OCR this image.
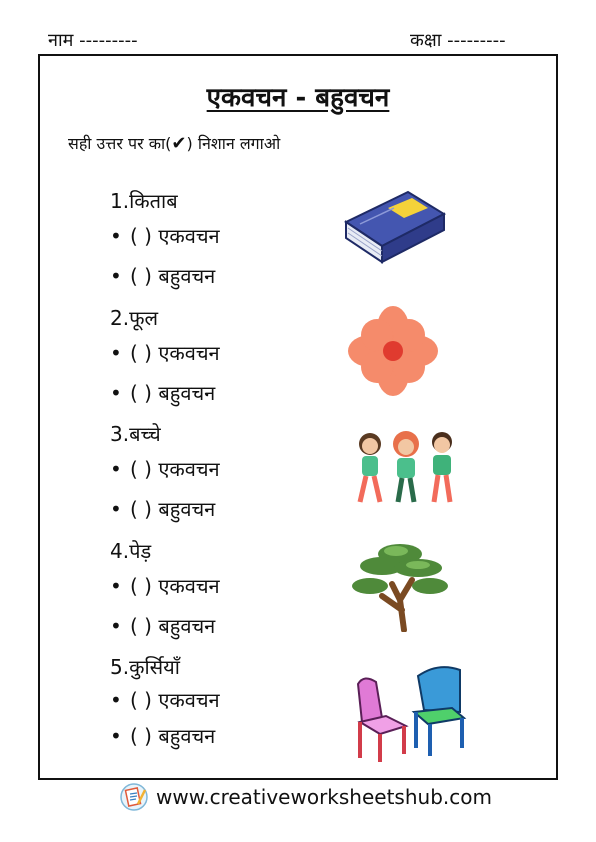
नाम ---------	कक्षा ---------
एकवचन - बहुवचन
सही उत्तर पर का(✔) निशान लगाओ
1.किताब
• ( ) एकवचन
• ( ) बहुवचन
2.फूल
• ( ) एकवचन
• ( ) बहुवचन
3.बच्चे
• ( ) एकवचन
• ( ) बहुवचन
4.पेड़
• ( ) एकवचन
• ( ) बहुवचन
5.कुर्सियाँ
• ( ) एकवचन
• ( ) बहुवचन
www.creativeworksheetshub.com
